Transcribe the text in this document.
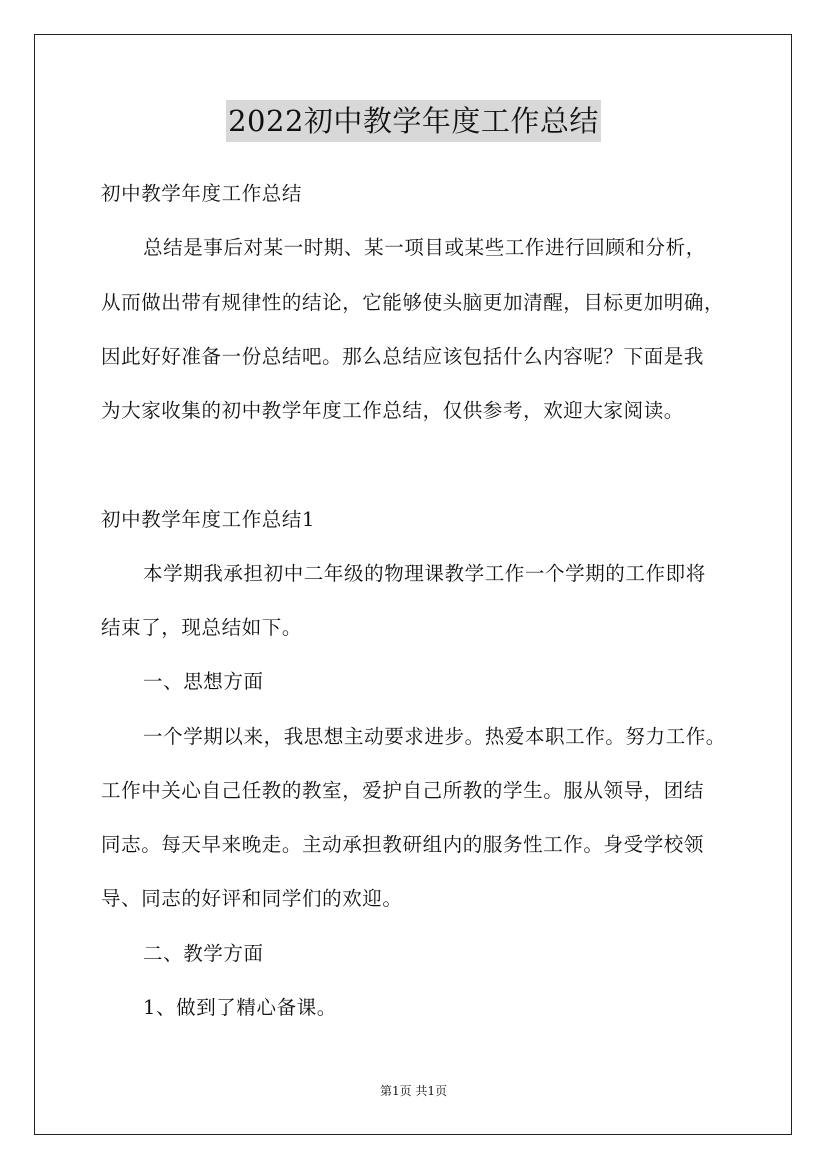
2022初中教学年度工作总结
初中教学年度工作总结
总结是事后对某一时期、某一项目或某些工作进行回顾和分析，
从而做出带有规律性的结论，它能够使头脑更加清醒，目标更加明确，
因此好好准备一份总结吧。那么总结应该包括什么内容呢？下面是我
为大家收集的初中教学年度工作总结，仅供参考，欢迎大家阅读。
初中教学年度工作总结1
本学期我承担初中二年级的物理课教学工作一个学期的工作即将
结束了，现总结如下。
一、思想方面
一个学期以来，我思想主动要求进步。热爱本职工作。努力工作。
工作中关心自己任教的教室，爱护自己所教的学生。服从领导，团结
同志。每天早来晚走。主动承担教研组内的服务性工作。身受学校领
导、同志的好评和同学们的欢迎。
二、教学方面
1、做到了精心备课。
第1页 共1页
